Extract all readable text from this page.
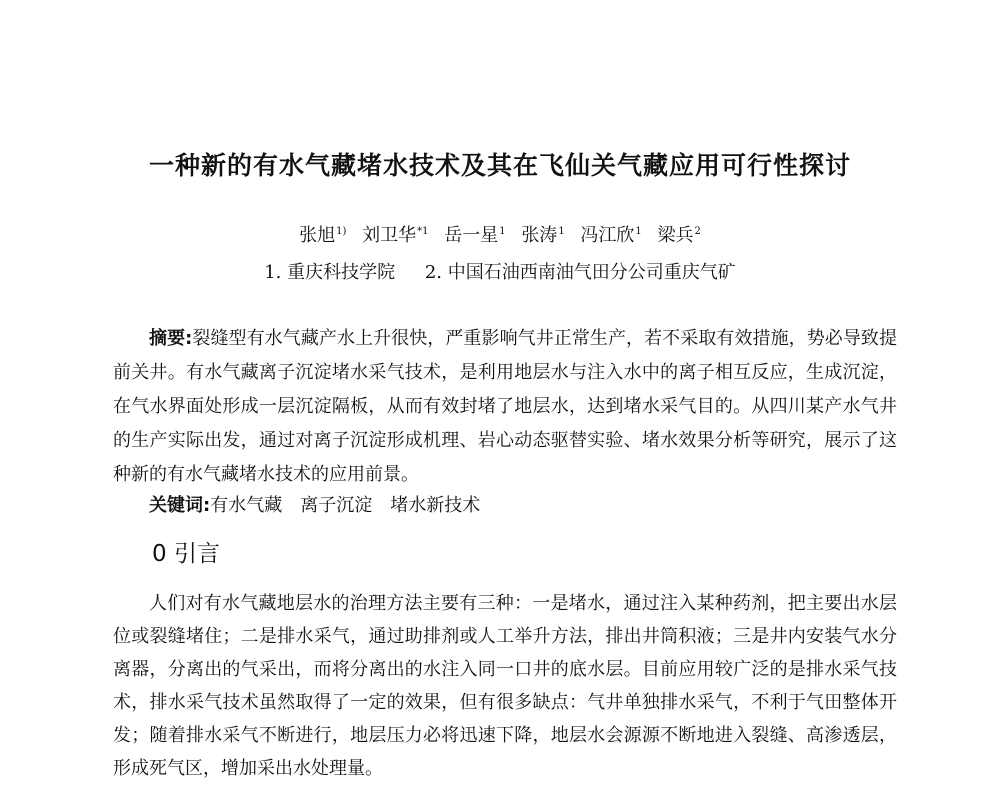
一种新的有水气藏堵水技术及其在飞仙关气藏应用可行性探讨
张旭$^{1)}$ 刘卫华$^{*1}$ 岳一星$^1$ 张涛$^1$ 冯江欣$^1$ 梁兵$^2$
1. 重庆科技学院 2. 中国石油西南油气田分公司重庆气矿
摘要:裂缝型有水气藏产水上升很快，严重影响气井正常生产，若不采取有效措施，势必导致提前关井。有水气藏离子沉淀堵水采气技术，是利用地层水与注入水中的离子相互反应，生成沉淀，在气水界面处形成一层沉淀隔板，从而有效封堵了地层水，达到堵水采气目的。从四川某产水气井的生产实际出发，通过对离子沉淀形成机理、岩心动态驱替实验、堵水效果分析等研究，展示了这种新的有水气藏堵水技术的应用前景。
关键词:有水气藏 离子沉淀 堵水新技术
0 引言
人们对有水气藏地层水的治理方法主要有三种：一是堵水，通过注入某种药剂，把主要出水层位或裂缝堵住；二是排水采气，通过助排剂或人工举升方法，排出井筒积液；三是井内安装气水分离器，分离出的气采出，而将分离出的水注入同一口井的底水层。目前应用较广泛的是排水采气技术，排水采气技术虽然取得了一定的效果，但有很多缺点：气井单独排水采气，不利于气田整体开发；随着排水采气不断进行，地层压力必将迅速下降，地层水会源源不断地进入裂缝、高渗透层，形成死气区，增加采出水处理量。
